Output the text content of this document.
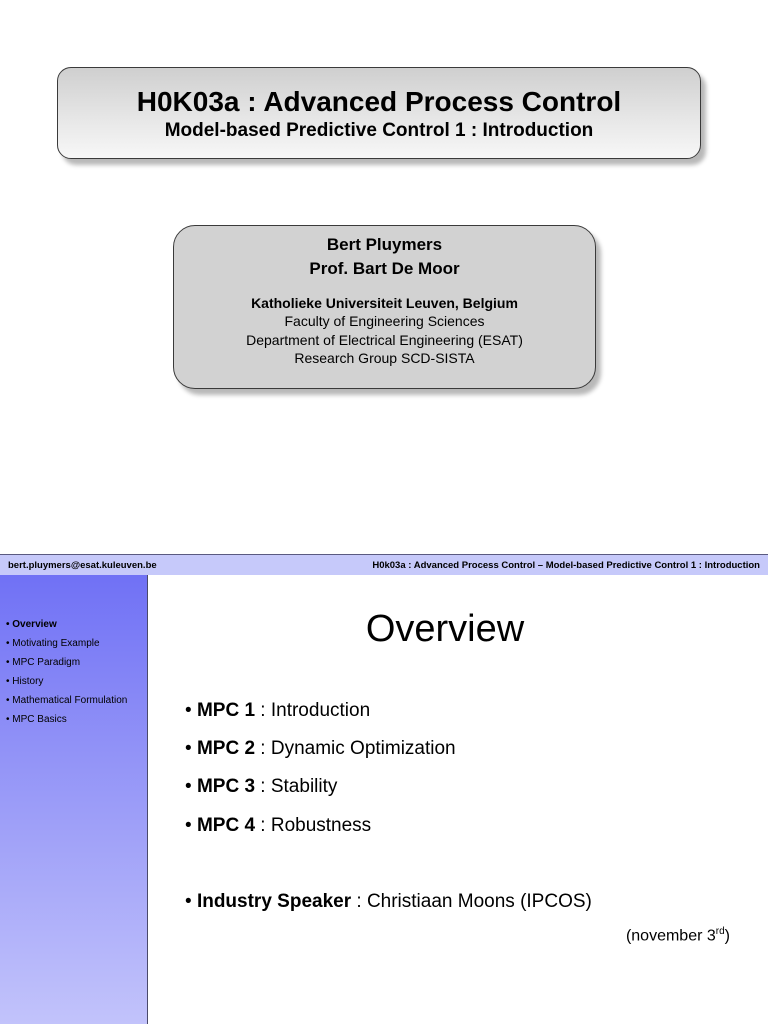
H0K03a : Advanced Process Control
Model-based Predictive Control 1 : Introduction
Bert Pluymers
Prof. Bart De Moor
Katholieke Universiteit Leuven, Belgium
Faculty of Engineering Sciences
Department of Electrical Engineering (ESAT)
Research Group SCD-SISTA
bert.pluymers@esat.kuleuven.be	H0k03a : Advanced Process Control – Model-based Predictive Control 1 : Introduction
• Overview
• Motivating Example
• MPC Paradigm
• History
• Mathematical Formulation
• MPC Basics
Overview
• MPC 1 : Introduction
• MPC 2 : Dynamic Optimization
• MPC 3 : Stability
• MPC 4 : Robustness
• Industry Speaker : Christiaan Moons (IPCOS)
(november 3rd)
